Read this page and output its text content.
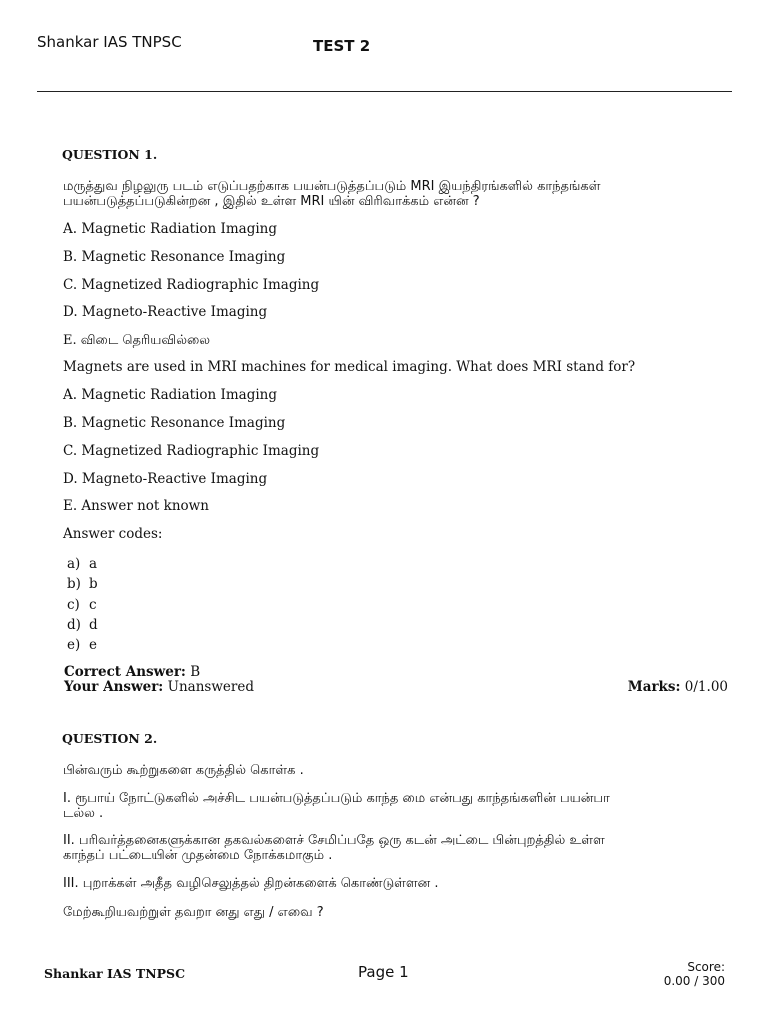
Shankar IAS TNPSC	TEST 2
QUESTION 1.
மருத்துவ நிழலுரு படம் எடுப்பதற்காக பயன்படுத்தப்படும் MRI இயந்திரங்களில் காந்தங்கள்
பயன்படுத்தப்படுகின்றன , இதில் உள்ள MRI யின் விரிவாக்கம் என்ன ?
A. Magnetic Radiation Imaging
B. Magnetic Resonance Imaging
C. Magnetized Radiographic Imaging
D. Magneto-Reactive Imaging
E. விடை தெரியவில்லை
Magnets are used in MRI machines for medical imaging. What does MRI stand for?
A. Magnetic Radiation Imaging
B. Magnetic Resonance Imaging
C. Magnetized Radiographic Imaging
D. Magneto-Reactive Imaging
E. Answer not known
Answer codes:
a) a
b) b
c) c
d) d
e) e
Correct Answer: B
Your Answer: Unanswered	Marks: 0/1.00
QUESTION 2.
பின்வரும் கூற்றுகளை கருத்தில் கொள்க .
I. ரூபாய் நோட்டுகளில் அச்சிட பயன்படுத்தப்படும் காந்த மை என்பது காந்தங்களின் பயன்பா
டல்ல .
II. பரிவர்த்தனைகளுக்கான தகவல்களைச் சேமிப்பதே ஒரு கடன் அட்டை பின்புறத்தில் உள்ள
காந்தப் பட்டையின் முதன்மை நோக்கமாகும் .
III. புறாக்கள் அதீத வழிசெலுத்தல் திறன்களைக் கொண்டுள்ளன .
மேற்கூறியவற்றுள் தவறா னது எது / எவை ?
Shankar IAS TNPSC	Page 1	Score:
0.00 / 300
